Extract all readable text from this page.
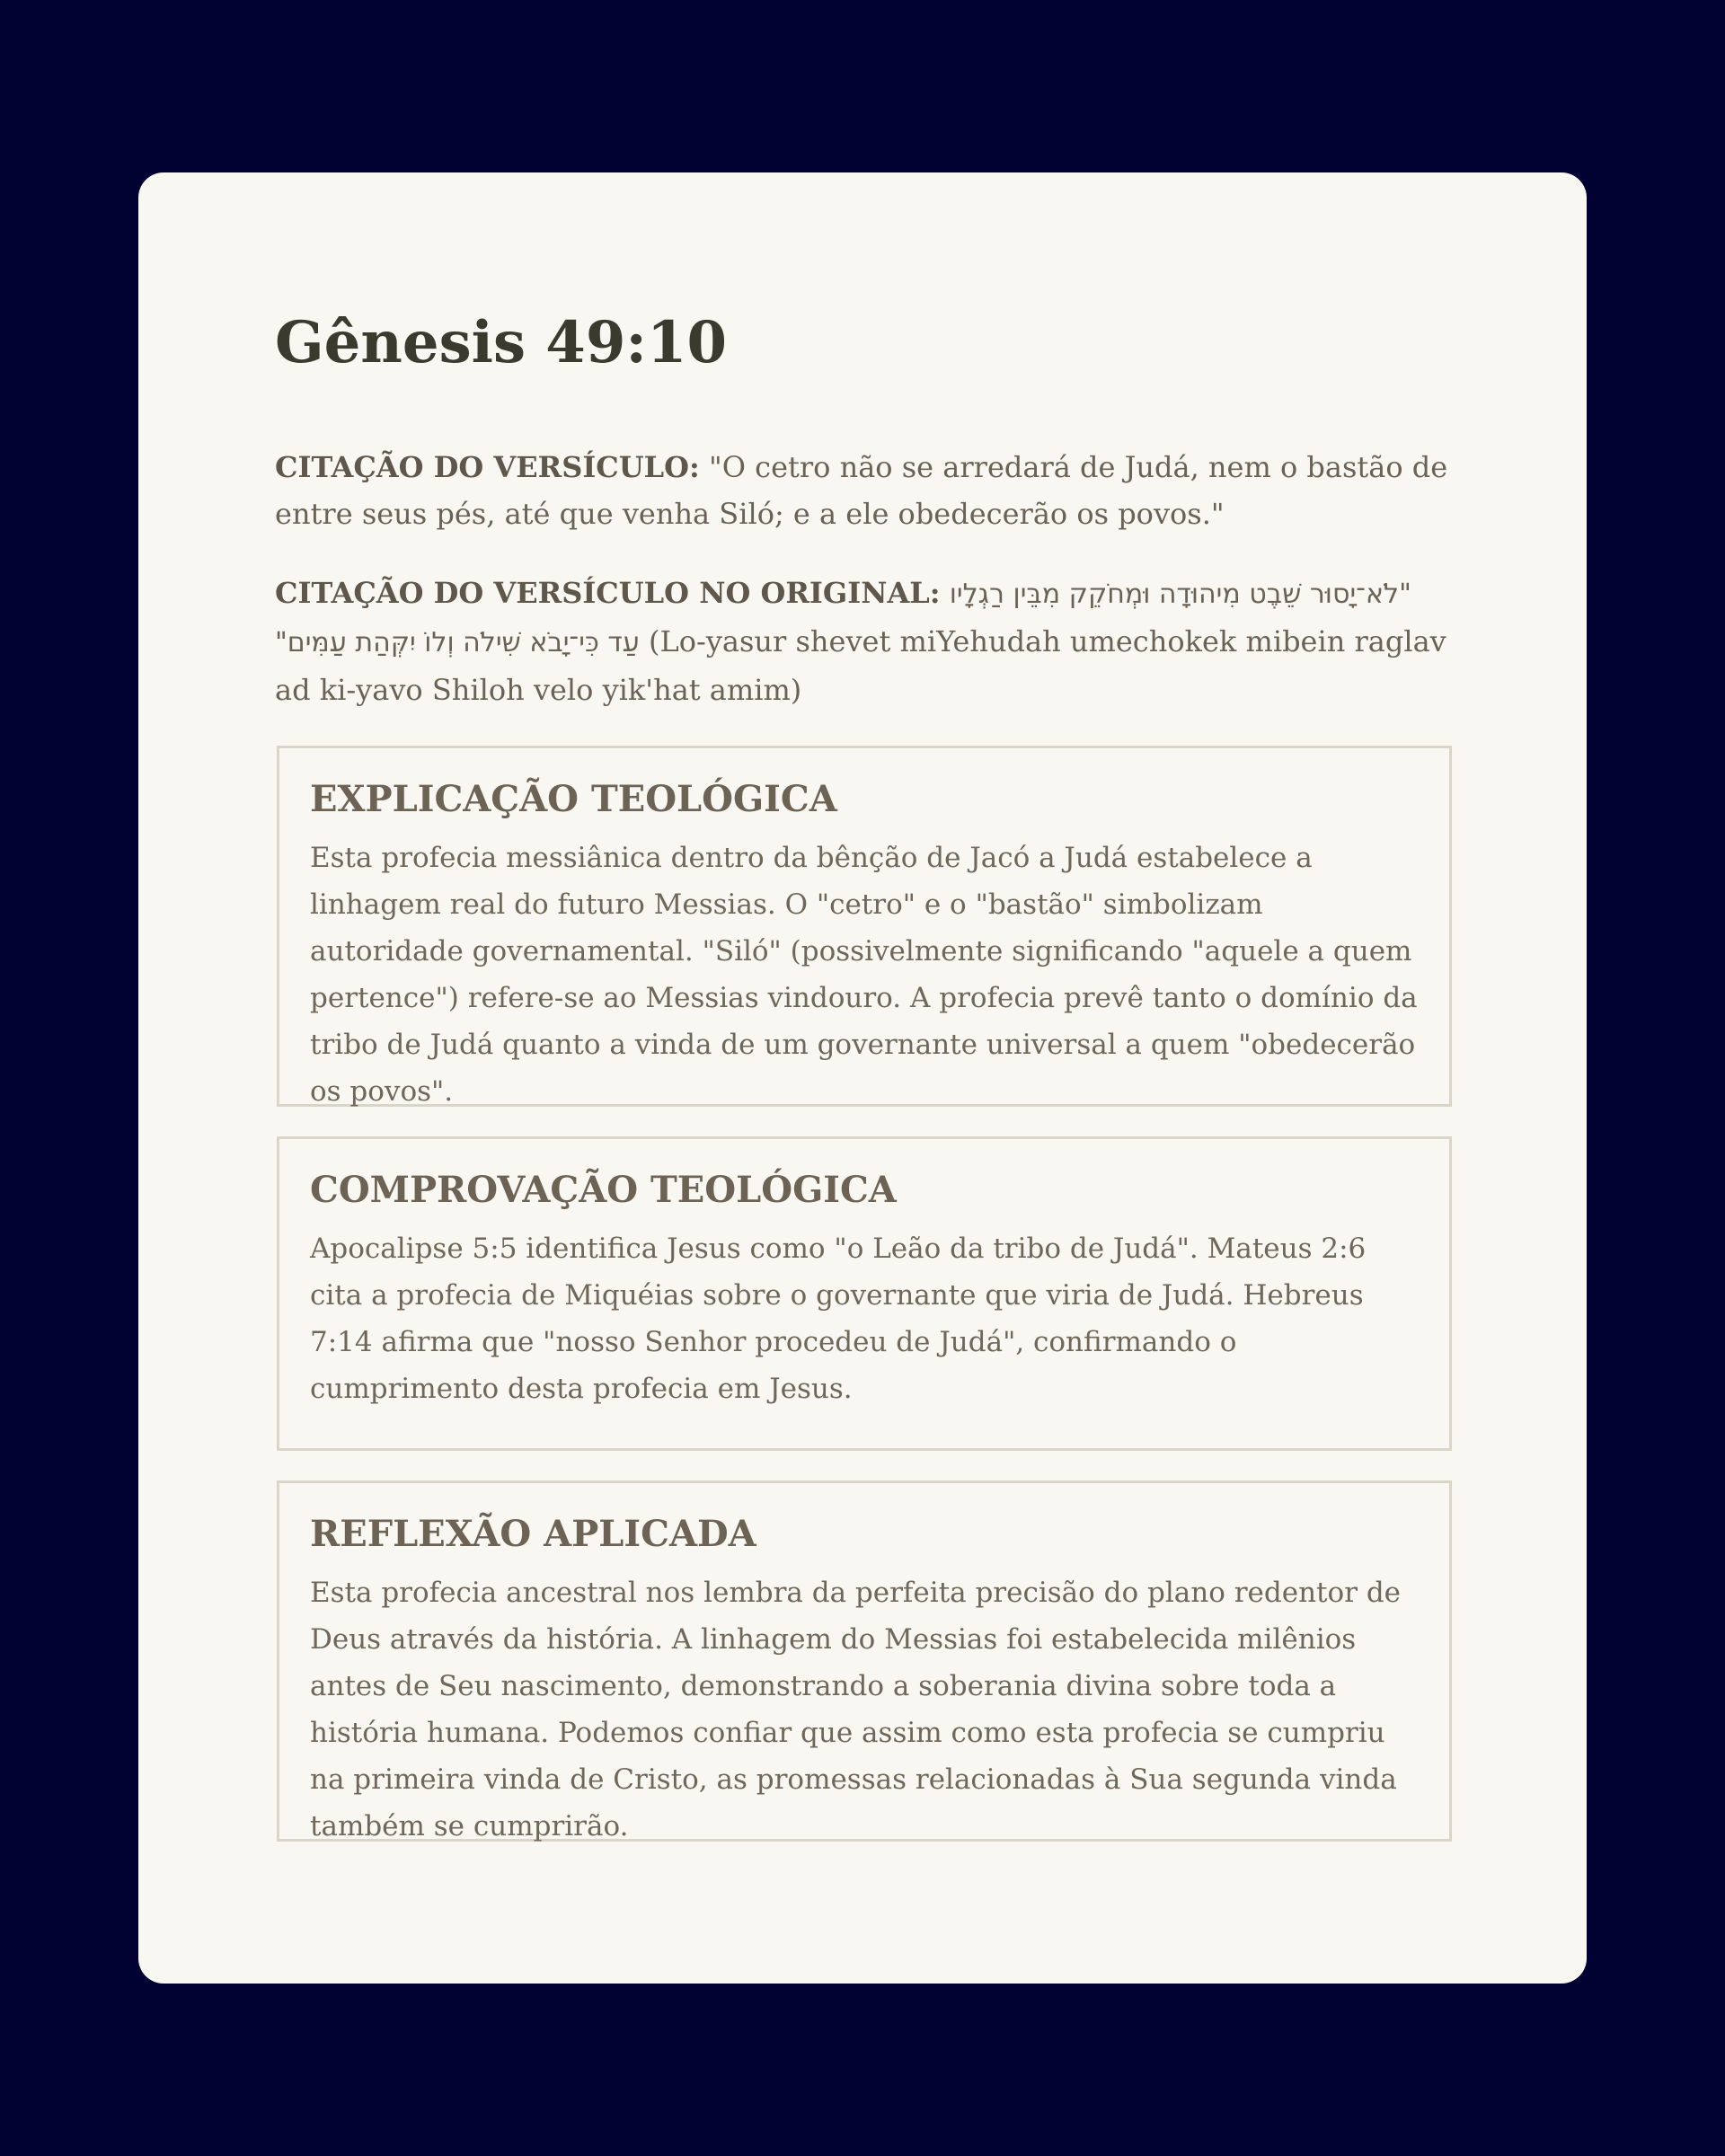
Gênesis 49:10

CITAÇÃO DO VERSÍCULO: "O cetro não se arredará de Judá, nem o bastão de entre seus pés, até que venha Siló; e a ele obedecerão os povos."

CITAÇÃO DO VERSÍCULO NO ORIGINAL: "לֹא־יָסוּר שֵׁבֶט מִיהוּדָה וּמְחֹקֵק מִבֵּין רַגְלָיו עַד כִּי־יָבֹא שִׁילֹה וְלוֹ יִקְּהַת עַמִּים" (Lo-yasur shevet miYehudah umechokek mibein raglav ad ki-yavo Shiloh velo yik'hat amim)

EXPLICAÇÃO TEOLÓGICA

Esta profecia messiânica dentro da bênção de Jacó a Judá estabelece a linhagem real do futuro Messias. O "cetro" e o "bastão" simbolizam autoridade governamental. "Siló" (possivelmente significando "aquele a quem pertence") refere-se ao Messias vindouro. A profecia prevê tanto o domínio da tribo de Judá quanto a vinda de um governante universal a quem "obedecerão os povos".

COMPROVAÇÃO TEOLÓGICA

Apocalipse 5:5 identifica Jesus como "o Leão da tribo de Judá". Mateus 2:6 cita a profecia de Miquéias sobre o governante que viria de Judá. Hebreus 7:14 afirma que "nosso Senhor procedeu de Judá", confirmando o cumprimento desta profecia em Jesus.

REFLEXÃO APLICADA

Esta profecia ancestral nos lembra da perfeita precisão do plano redentor de Deus através da história. A linhagem do Messias foi estabelecida milênios antes de Seu nascimento, demonstrando a soberania divina sobre toda a história humana. Podemos confiar que assim como esta profecia se cumpriu na primeira vinda de Cristo, as promessas relacionadas à Sua segunda vinda também se cumprirão.
